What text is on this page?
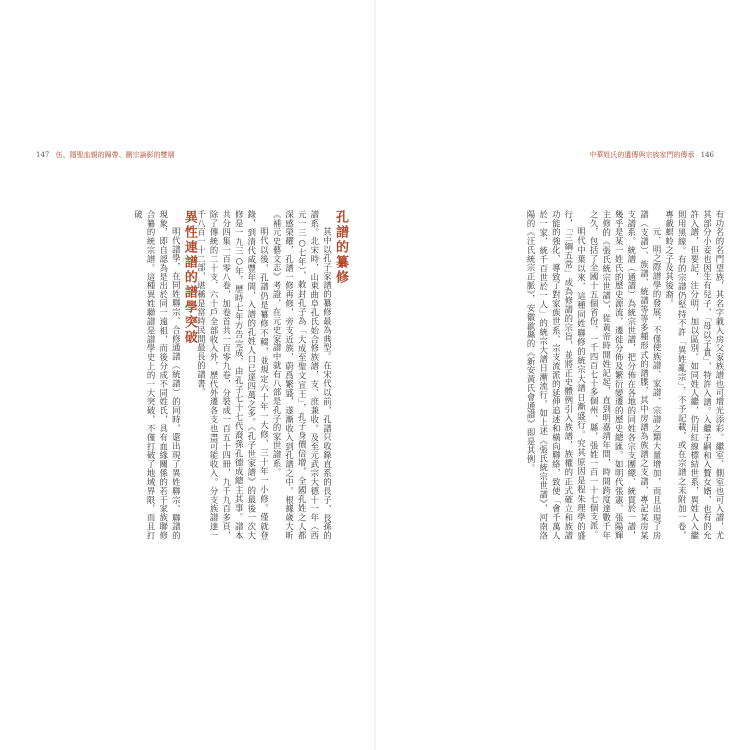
147 伍、隱聖血親的歸帶、刪宗論影的雙層
孔譜的纂修

其中以孔子家譜的纂修最為典型。在宋代以前，孔譜只收錄直系的長子、長孫的譜系。北宋時，山東曲阜孔氏始合修族譜，支、庶兼收。及至元武宗大德十一年（西元一三○七年），敕封孔子為「大成至聖文宣王」，孔子身價倍增，全國孔姓之人都深感榮耀，孔譜一修再修，旁支近族，蔚爲繁盛，遂漸收入到孔譜之中。根據歲大昕《補元史藝文志》考證，在元史家譜中就有八部是孔子的家世譜系。

明代以後，孔譜仍是纂修不輟，並規定六十年一大修，三十年一小修。僅就登錄，到清代咸豐年間，入譜的孔姓人口已達四萬之多。《孔子世家譜》的最後一次大修是一九三○年，歷時七年方告完成，由孔子七十七代裔孫孔德成總主其事。譜本共分四集一百零八卷，加卷首共一百零九卷，分裝成一百五十四冊，九千九百多頁，除了傳統的二十支、六十戶全部收入外，歷代外遷各支也盡可能收入。分支族譜達一千八百一十二部，堪稱是當時民間最長的譜書。

異性連譜的譜學突破

明代譜學，在同姓聯宗、合修通譜（統譜）的同時，還出現了異姓聯宗、聯譜的現象，即自認為是出於同一遠祖，而後分成不同姓氏，具有血緣關係的若干家族聯修合纂的統宗譜。這種異姓聯譜是譜學史上的一大突破，不僅打破了地域界限，而且打破

中華姓氏的遺傳與宗族家門的傳承 146

有功名的名門望族，其名字載入房父家族譜也可增光添彩。繼室、側室也可入譜，尤其部分小妾也因生有兒子，「母以子貴」，特許入譜。入繼子嗣和入贅女婿，也有的允許入譜，但要記，注分明，加以區別。如同姓人繼，仍用紅線標結世系，異姓人入繼則用黑線。有的宗譜仍堅持不許「異姓亂宗」，不予記載，或在宗譜之末附加一卷，專載螟蛉之子及其後裔。

元、明之際譜學的發展，不僅使族譜、家譜、宗譜之類大量增加，而且出現了房譜（支譜）、族譜、統譜等等多種形式的譜牒，其中房譜為族譜之支譜，專記某房某支譜系。統譜（通譜）為統宗世譜，把分佈在各地的同姓各宗支團總、統貫於一譜，幾乎是某一姓氏的歷史源流，遷徙分佈及繁衍變遷的歷史總匯。如明代張憲、張陽輝主修的《張氏統宗世譜》，從黃帝時開姓記起，直到明嘉靖年間，時間跨度達數千年之久，包括了全國十五個省份，一千四百七十多個州、縣，張姓一百一十七個支派。

明代中葉以來，這種同姓聯修的統宗大譜日漸盛行。究其原因是程朱理學的盛行，「三綱五常」成為修譜的宗旨，並將正史體例引入族譜，族權的正式確立和族譜功能的強化，導致了對家族世系、宗支流派的延伸追述和橫向聯絡，致使「會千萬人於一家，統千百世於一人」的統宗大譜日漸流行。如上述《張氏統宗世譜》，河南洛陽的《汪氏統宗正脈》，安徽歙縣的《新安黃氏會通譜》即是其例。
